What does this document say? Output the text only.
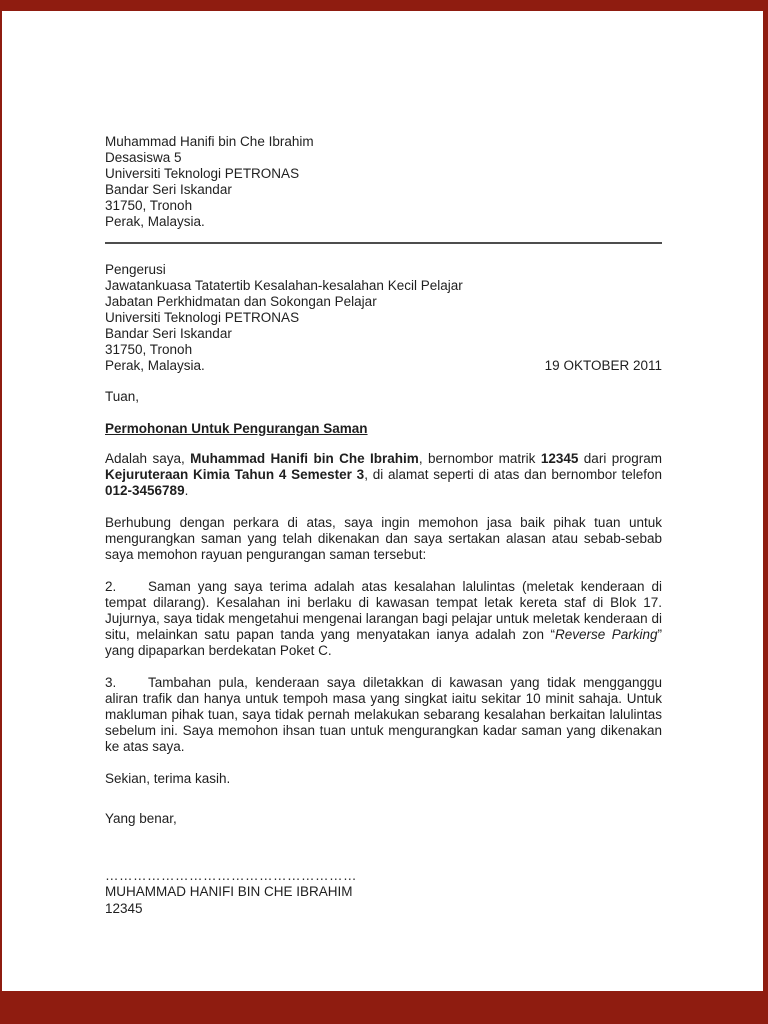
Muhammad Hanifi bin Che Ibrahim
Desasiswa 5
Universiti Teknologi PETRONAS
Bandar Seri Iskandar
31750, Tronoh
Perak, Malaysia.
Pengerusi
Jawatankuasa Tatatertib Kesalahan-kesalahan Kecil Pelajar
Jabatan Perkhidmatan dan Sokongan Pelajar
Universiti Teknologi PETRONAS
Bandar Seri Iskandar
31750, Tronoh
Perak, Malaysia.	19 OKTOBER 2011

Tuan,

Permohonan Untuk Pengurangan Saman

Adalah saya, Muhammad Hanifi bin Che Ibrahim, bernombor matrik 12345 dari program Kejuruteraan Kimia Tahun 4 Semester 3, di alamat seperti di atas dan bernombor telefon 012-3456789.

Berhubung dengan perkara di atas, saya ingin memohon jasa baik pihak tuan untuk mengurangkan saman yang telah dikenakan dan saya sertakan alasan atau sebab-sebab saya memohon rayuan pengurangan saman tersebut:

2. Saman yang saya terima adalah atas kesalahan lalulintas (meletak kenderaan di tempat dilarang). Kesalahan ini berlaku di kawasan tempat letak kereta staf di Blok 17. Jujurnya, saya tidak mengetahui mengenai larangan bagi pelajar untuk meletak kenderaan di situ, melainkan satu papan tanda yang menyatakan ianya adalah zon “Reverse Parking” yang dipaparkan berdekatan Poket C.

3. Tambahan pula, kenderaan saya diletakkan di kawasan yang tidak mengganggu aliran trafik dan hanya untuk tempoh masa yang singkat iaitu sekitar 10 minit sahaja. Untuk makluman pihak tuan, saya tidak pernah melakukan sebarang kesalahan berkaitan lalulintas sebelum ini. Saya memohon ihsan tuan untuk mengurangkan kadar saman yang dikenakan ke atas saya.

Sekian, terima kasih.

Yang benar,

………………………………………………
MUHAMMAD HANIFI BIN CHE IBRAHIM
12345
